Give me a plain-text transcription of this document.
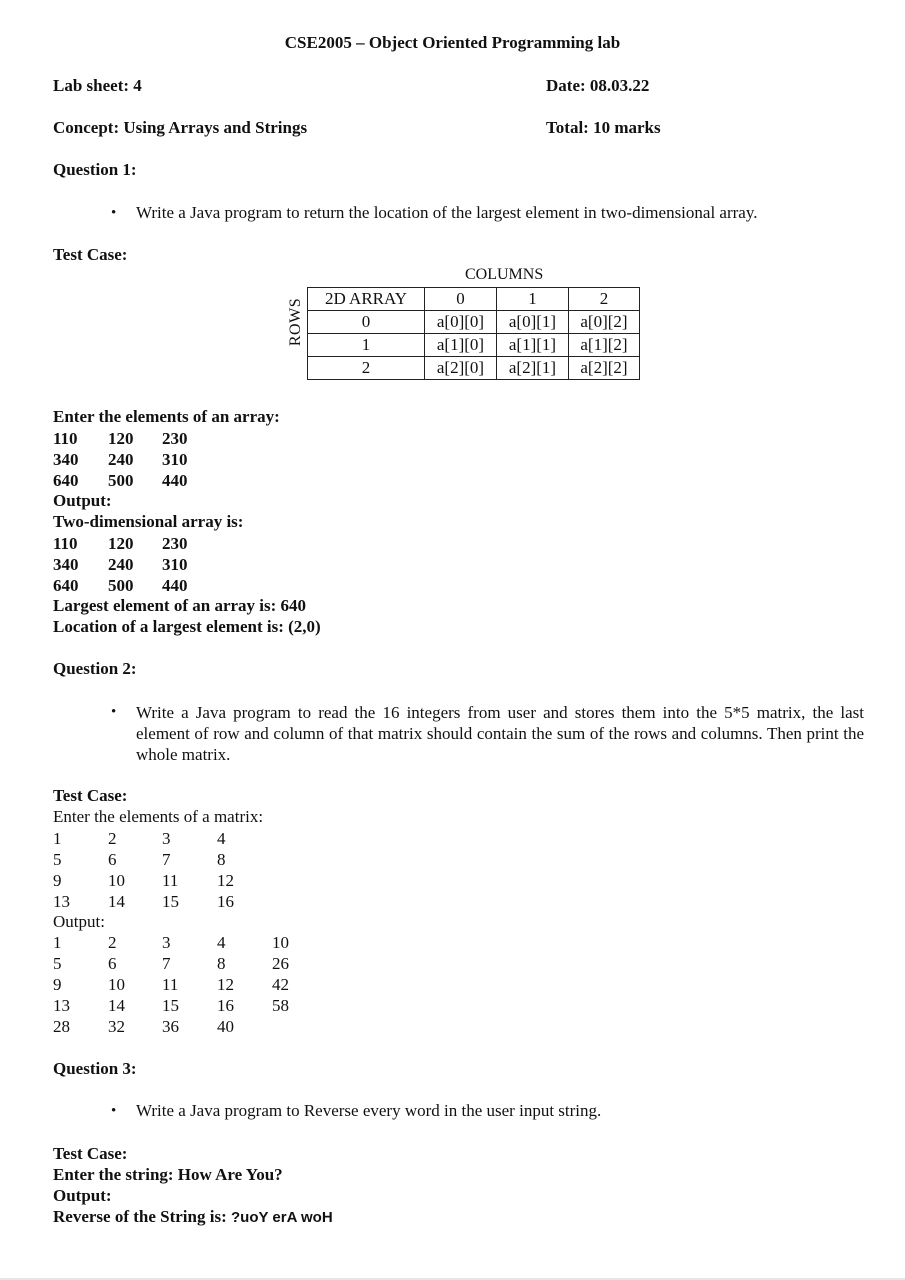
CSE2005 – Object Oriented Programming lab
Lab sheet: 4	Date: 08.03.22
Concept: Using Arrays and Strings	Total: 10 marks
Question 1:
• Write a Java program to return the location of the largest element in two-dimensional array.
Test Case:
COLUMNS
ROWS 2D ARRAY	0	1	2
0	a[0][0]	a[0][1]	a[0][2]
1	a[1][0]	a[1][1]	a[1][2]
2	a[2][0]	a[2][1]	a[2][2]
Enter the elements of an array:
110 120 230
340 240 310
640 500 440
Output:
Two-dimensional array is:
110 120 230
340 240 310
640 500 440
Largest element of an array is: 640
Location of a largest element is: (2,0)
Question 2:
• Write a Java program to read the 16 integers from user and stores them into the 5*5 matrix, the last element of row and column of that matrix should contain the sum of the rows and columns. Then print the whole matrix.
Test Case:
Enter the elements of a matrix:
1	2	3	4
5	6	7	8
9	10 11 12
13 14 15 16
Output:
1	2	3	4	10
5	6	7	8	26
9	10 11 12 42
13 14 15 16 58
28 32 36 40
Question 3:
• Write a Java program to Reverse every word in the user input string.
Test Case:
Enter the string: How Are You?
Output:
Reverse of the String is: ?uoY erA woH
